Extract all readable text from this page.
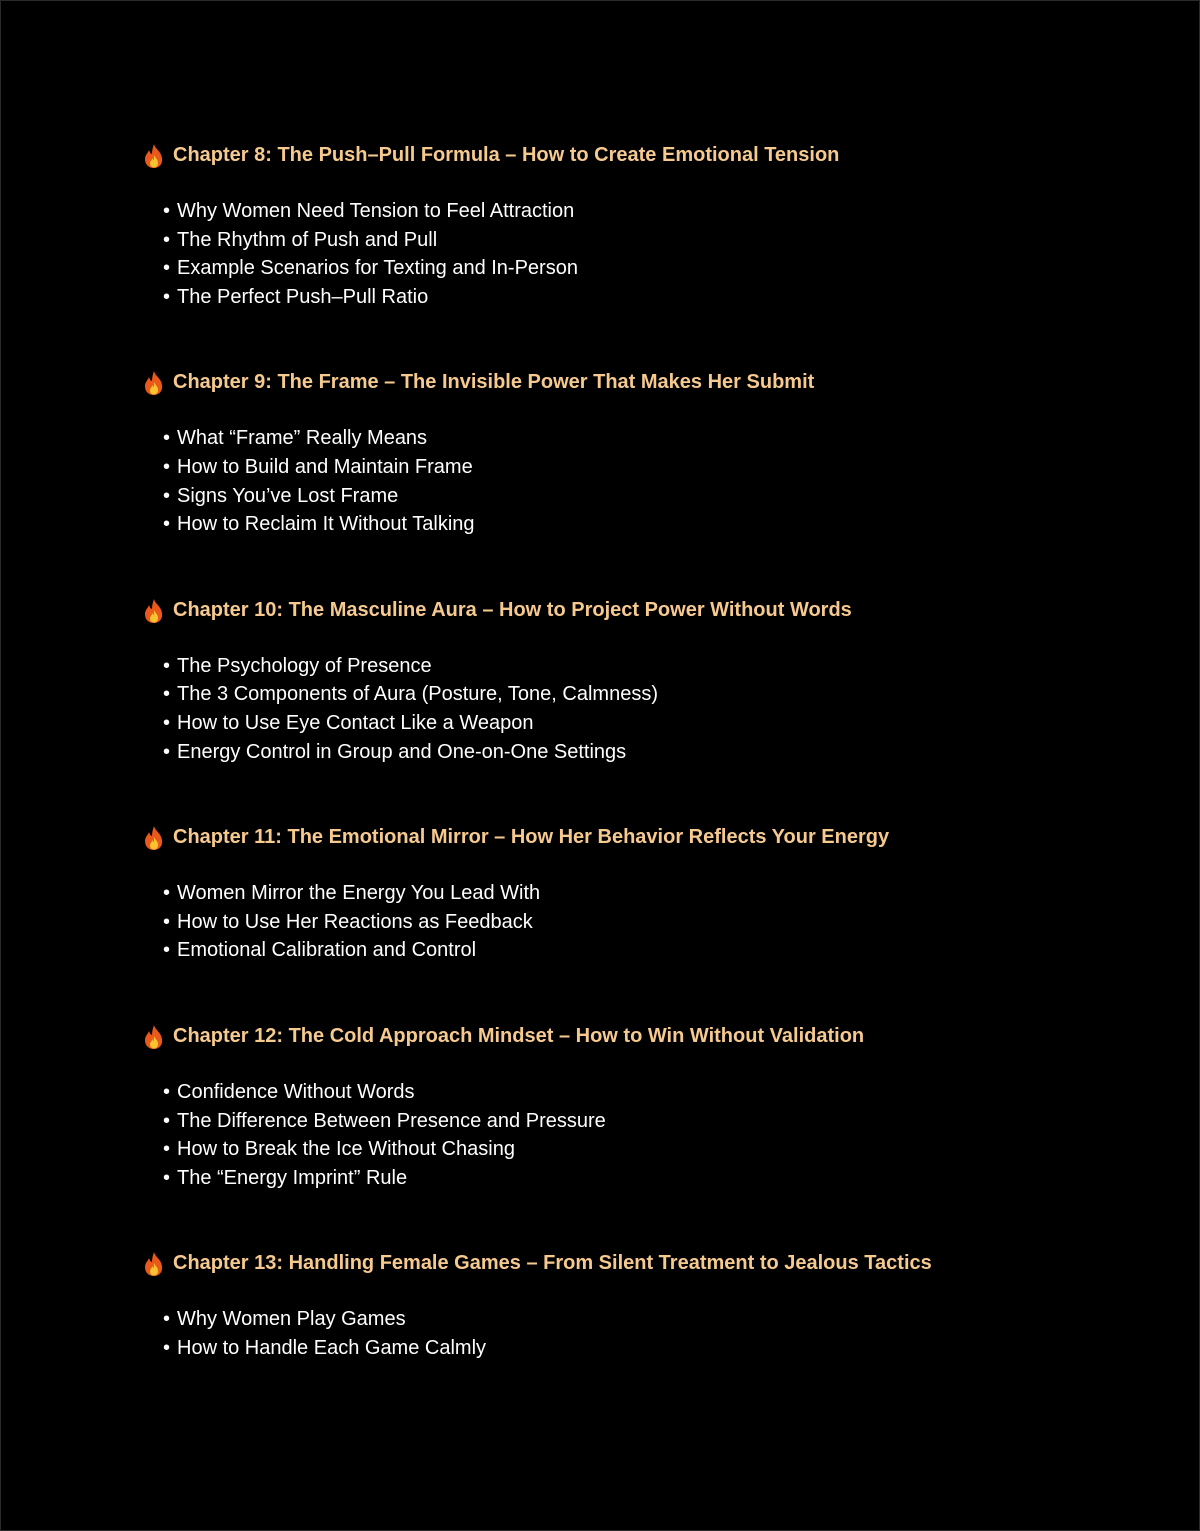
Chapter 8: The Push–Pull Formula – How to Create Emotional Tension
• Why Women Need Tension to Feel Attraction
• The Rhythm of Push and Pull
• Example Scenarios for Texting and In-Person
• The Perfect Push–Pull Ratio
Chapter 9: The Frame – The Invisible Power That Makes Her Submit
• What “Frame” Really Means
• How to Build and Maintain Frame
• Signs You’ve Lost Frame
• How to Reclaim It Without Talking
Chapter 10: The Masculine Aura – How to Project Power Without Words
• The Psychology of Presence
• The 3 Components of Aura (Posture, Tone, Calmness)
• How to Use Eye Contact Like a Weapon
• Energy Control in Group and One-on-One Settings
Chapter 11: The Emotional Mirror – How Her Behavior Reflects Your Energy
• Women Mirror the Energy You Lead With
• How to Use Her Reactions as Feedback
• Emotional Calibration and Control
Chapter 12: The Cold Approach Mindset – How to Win Without Validation
• Confidence Without Words
• The Difference Between Presence and Pressure
• How to Break the Ice Without Chasing
• The “Energy Imprint” Rule
Chapter 13: Handling Female Games – From Silent Treatment to Jealous Tactics
• Why Women Play Games
• How to Handle Each Game Calmly
